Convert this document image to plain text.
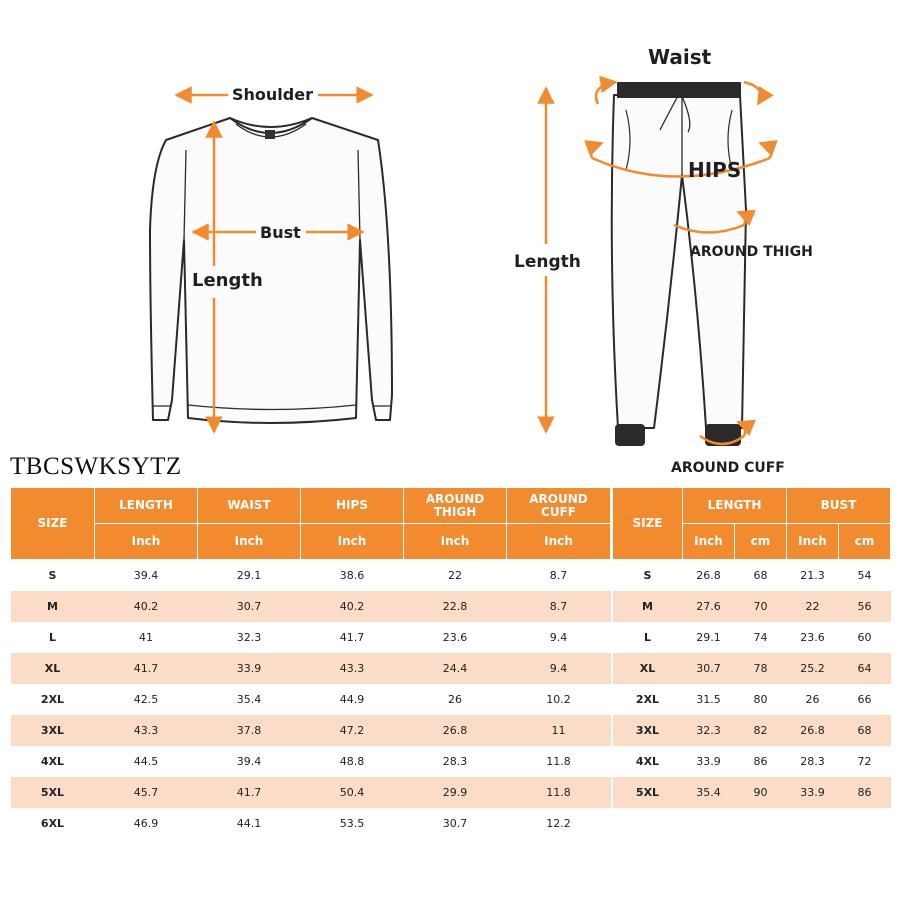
Shoulder
Bust
Length
Waist
HIPS
Length	AROUND THIGH
AROUND CUFF
TBCSWKSYTZ
SIZE	LENGTH	WAIST	HIPS	AROUND THIGH	AROUND CUFF
	Inch	Inch	Inch	Inch	Inch
S	39.4	29.1	38.6	22	8.7
M	40.2	30.7	40.2	22.8	8.7
L	41	32.3	41.7	23.6	9.4
XL	41.7	33.9	43.3	24.4	9.4
2XL	42.5	35.4	44.9	26	10.2
3XL	43.3	37.8	47.2	26.8	11
4XL	44.5	39.4	48.8	28.3	11.8
5XL	45.7	41.7	50.4	29.9	11.8
6XL	46.9	44.1	53.5	30.7	12.2
SIZE	LENGTH		BUST	
	Inch	cm	Inch	cm
S	26.8	68	21.3	54
M	27.6	70	22	56
L	29.1	74	23.6	60
XL	30.7	78	25.2	64
2XL	31.5	80	26	66
3XL	32.3	82	26.8	68
4XL	33.9	86	28.3	72
5XL	35.4	90	33.9	86
